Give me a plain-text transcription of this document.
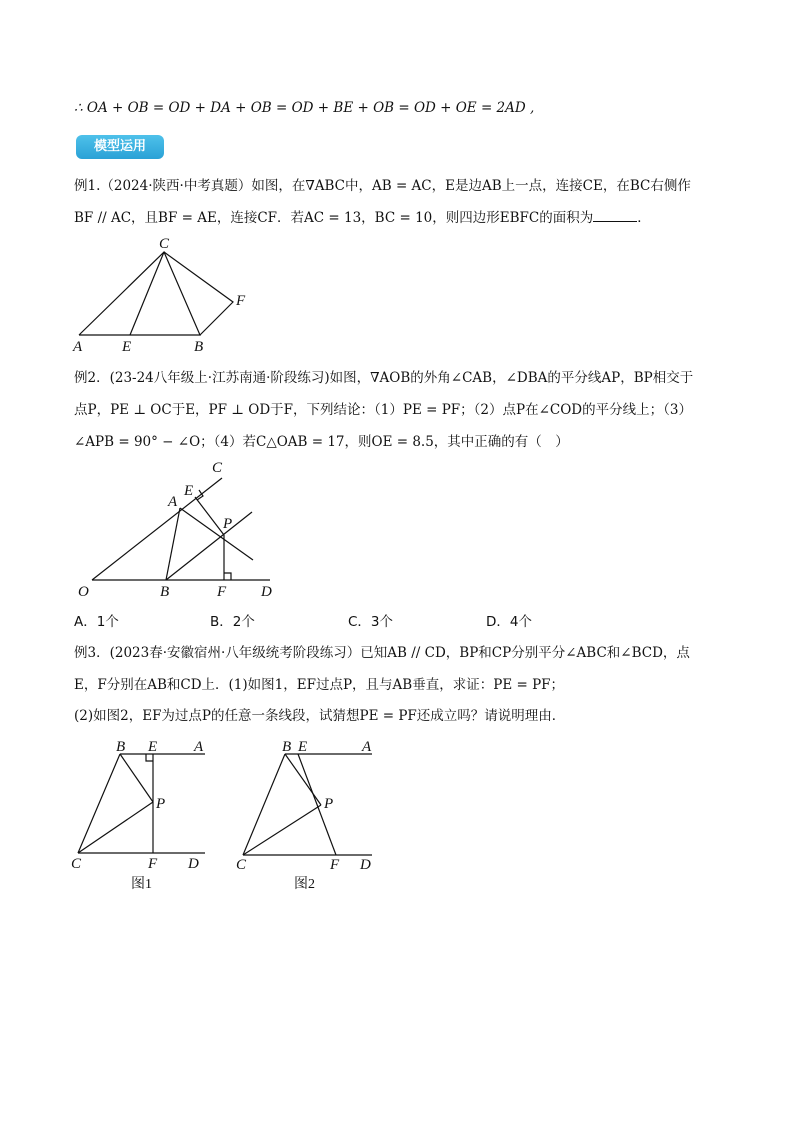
∴ OA + OB = OD + DA + OB = OD + BE + OB = OD + OE = 2AD ,
模型运用
例1.（2024·陕西·中考真题）如图，在∇ABC中，AB = AC，E是边AB上一点，连接CE，在BC右侧作
BF // AC，且BF = AE，连接CF．若AC = 13，BC = 10，则四边形EBFC的面积为	．
C
F
A	E	B
例2．(23-24八年级上·江苏南通·阶段练习)如图，∇AOB的外角∠CAB，∠DBA的平分线AP，BP相交于
点P，PE ⊥ OC于E，PF ⊥ OD于F，下列结论：（1）PE = PF；（2）点P在∠COD的平分线上；（3）
∠APB = 90° − ∠O；（4）若C△OAB = 17，则OE = 8.5，其中正确的有（　）
C
E
A
P
O	B	F D
A．1个	B．2个	C．3个	D．4个
例3．(2023春·安徽宿州·八年级统考阶段练习）已知AB // CD，BP和CP分别平分∠ABC和∠BCD，点
E，F分别在AB和CD上．(1)如图1，EF过点P，且与AB垂直，求证：PE = PF；
(2)如图2，EF为过点P的任意一条线段，试猜想PE = PF还成立吗？请说明理由．
B E A
P
C	F D
图1
B E	A
P
C	F D
图2
